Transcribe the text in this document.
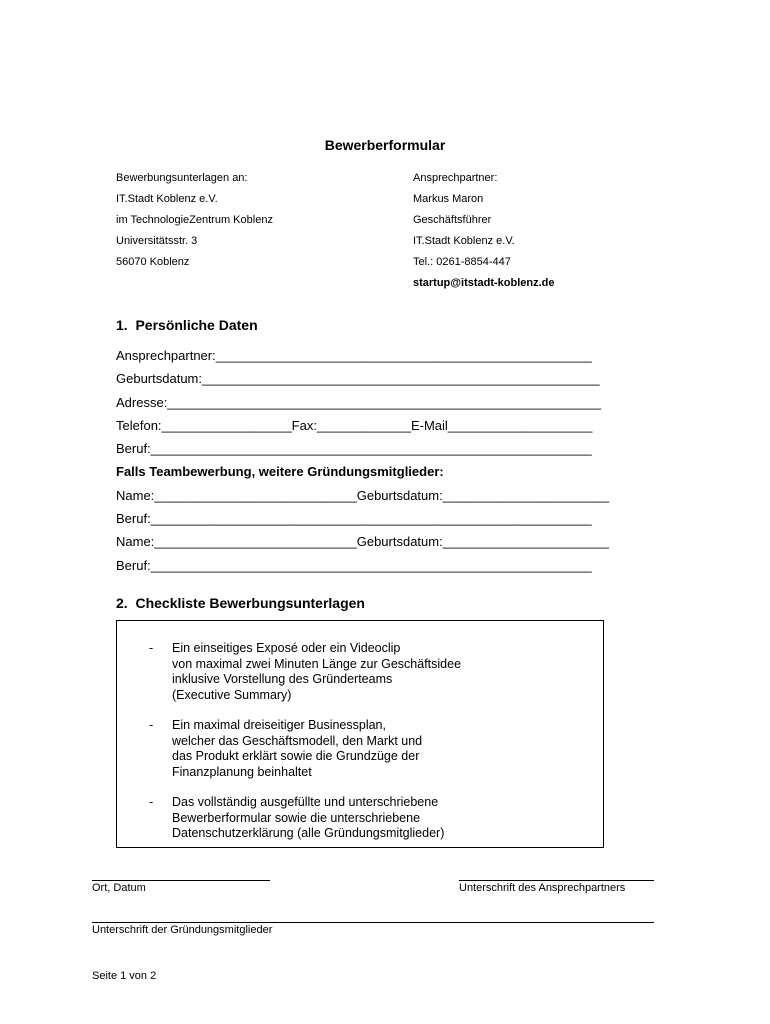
Bewerberformular
Bewerbungsunterlagen an:
IT.Stadt Koblenz e.V.
im TechnologieZentrum Koblenz
Universitätsstr. 3
56070 Koblenz
Ansprechpartner:
Markus Maron
Geschäftsführer
IT.Stadt Koblenz e.V.
Tel.: 0261-8854-447
startup@itstadt-koblenz.de
1. Persönliche Daten
Ansprechpartner:____________________________________________________
Geburtsdatum:_______________________________________________________
Adresse:____________________________________________________________
Telefon:__________________Fax:_____________E-Mail____________________
Beruf:_____________________________________________________________
Falls Teambewerbung, weitere Gründungsmitglieder:
Name:____________________________Geburtsdatum:_______________________
Beruf:_____________________________________________________________
Name:____________________________Geburtsdatum:_______________________
Beruf:_____________________________________________________________
2. Checkliste Bewerbungsunterlagen
- Ein einseitiges Exposé oder ein Videoclip
von maximal zwei Minuten Länge zur Geschäftsidee
inklusive Vorstellung des Gründerteams
(Executive Summary)
- Ein maximal dreiseitiger Businessplan,
welcher das Geschäftsmodell, den Markt und
das Produkt erklärt sowie die Grundzüge der
Finanzplanung beinhaltet
- Das vollständig ausgefüllte und unterschriebene
Bewerberformular sowie die unterschriebene
Datenschutzerklärung (alle Gründungsmitglieder)
Ort, Datum	Unterschrift des Ansprechpartners
Unterschrift der Gründungsmitglieder
Seite 1 von 2
